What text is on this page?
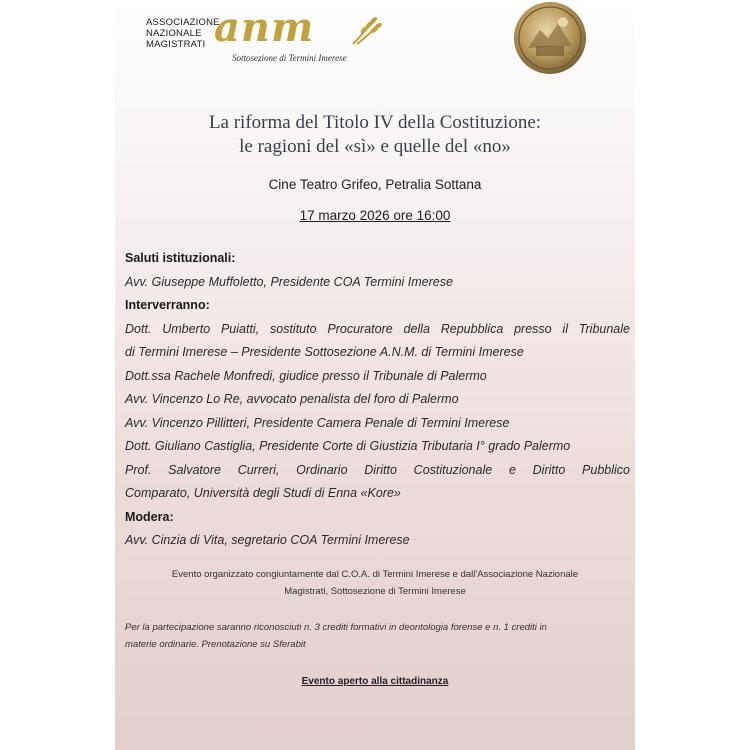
ASSOCIAZIONE
NAZIONALE
MAGISTRATI anm
Sottosezione di Termini Imerese
La riforma del Titolo IV della Costituzione:
le ragioni del «sì» e quelle del «no»
Cine Teatro Grifeo, Petralia Sottana
17 marzo 2026 ore 16:00
Saluti istituzionali:
Avv. Giuseppe Muffoletto, Presidente COA Termini Imerese
Interverranno:
Dott. Umberto Puiatti, sostituto Procuratore della Repubblica presso il Tribunale
di Termini Imerese – Presidente Sottosezione A.N.M. di Termini Imerese
Dott.ssa Rachele Monfredi, giudice presso il Tribunale di Palermo
Avv. Vincenzo Lo Re, avvocato penalista del foro di Palermo
Avv. Vincenzo Pillitteri, Presidente Camera Penale di Termini Imerese
Dott. Giuliano Castiglia, Presidente Corte di Giustizia Tributaria I° grado Palermo
Prof. Salvatore Curreri, Ordinario Diritto Costituzionale e Diritto Pubblico
Comparato, Università degli Studi di Enna «Kore»
Modera:
Avv. Cinzia di Vita, segretario COA Termini Imerese
Evento organizzato congiuntamente dal C.O.A. di Termini Imerese e dall'Associazione Nazionale
Magistrati, Sottosezione di Termini Imerese
Per la partecipazione saranno riconosciuti n. 3 crediti formativi in deontologia forense e n. 1 crediti in
materie ordinarie. Prenotazione su Sferabit
Evento aperto alla cittadinanza
